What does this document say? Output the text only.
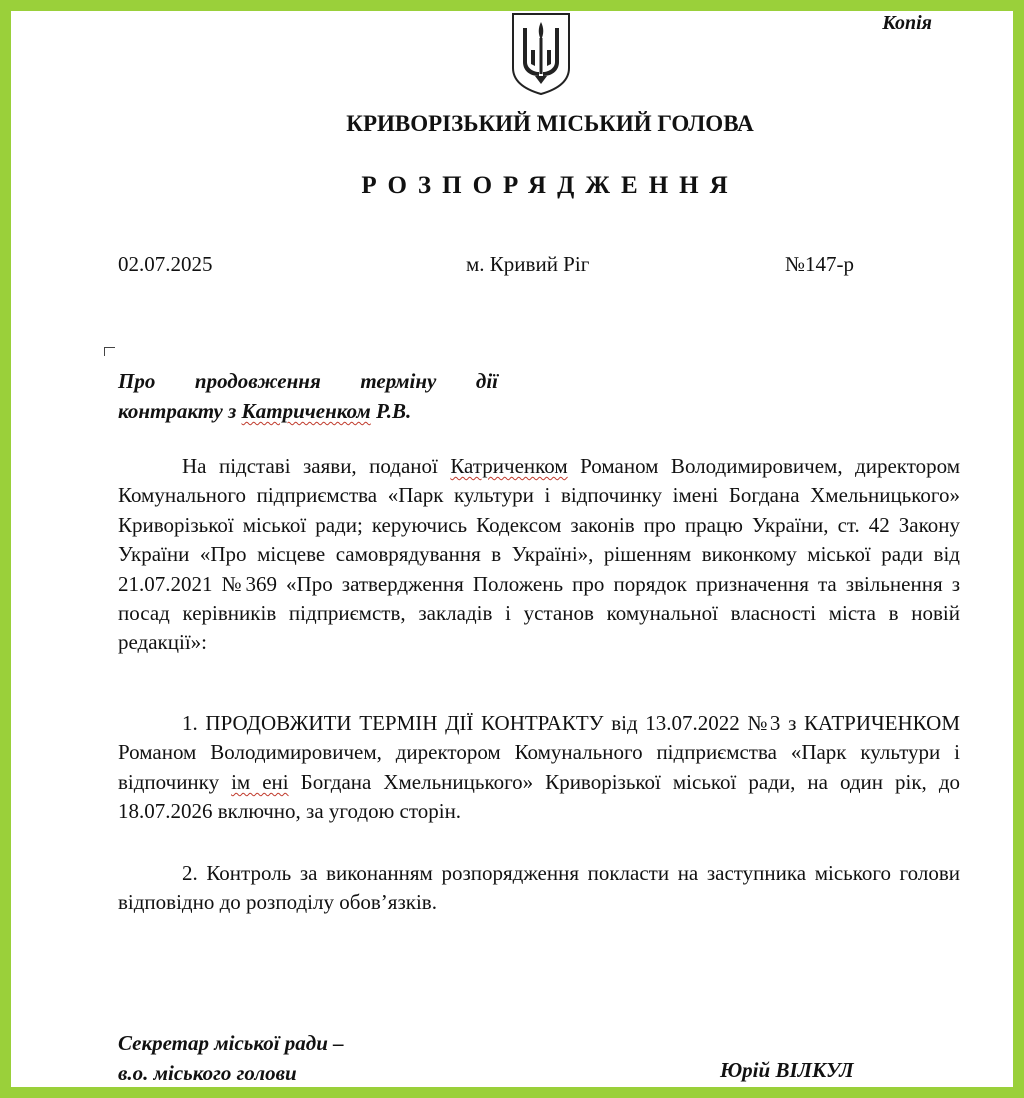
Копія
КРИВОРІЗЬКИЙ МІСЬКИЙ ГОЛОВА
РОЗПОРЯДЖЕННЯ
02.07.2025	м. Кривий Ріг	№147-р
Про продовження терміну дії
контракту з Катриченком Р.В.
На підставі заяви, поданої Катриченком Романом Володимировичем, директором Комунального підприємства «Парк культури і відпочинку імені Богдана Хмельницького» Криворізької міської ради; керуючись Кодексом законів про працю України, ст. 42 Закону України «Про місцеве самоврядування в Україні», рішенням виконкому міської ради від 21.07.2021 №369 «Про затвердження Положень про порядок призначення та звільнення з посад керівників підприємств, закладів і установ комунальної власності міста в новій редакції»:
1. ПРОДОВЖИТИ ТЕРМІН ДІЇ КОНТРАКТУ від 13.07.2022 №3 з КАТРИЧЕНКОМ Романом Володимировичем, директором Комунального підприємства «Парк культури і відпочинку ім ені Богдана Хмельницького» Криворізької міської ради, на один рік, до 18.07.2026 включно, за угодою сторін.
2. Контроль за виконанням розпорядження покласти на заступника міського голови відповідно до розподілу обов’язків.
Секретар міської ради –
в.о. міського голови	Юрій ВІЛКУЛ
